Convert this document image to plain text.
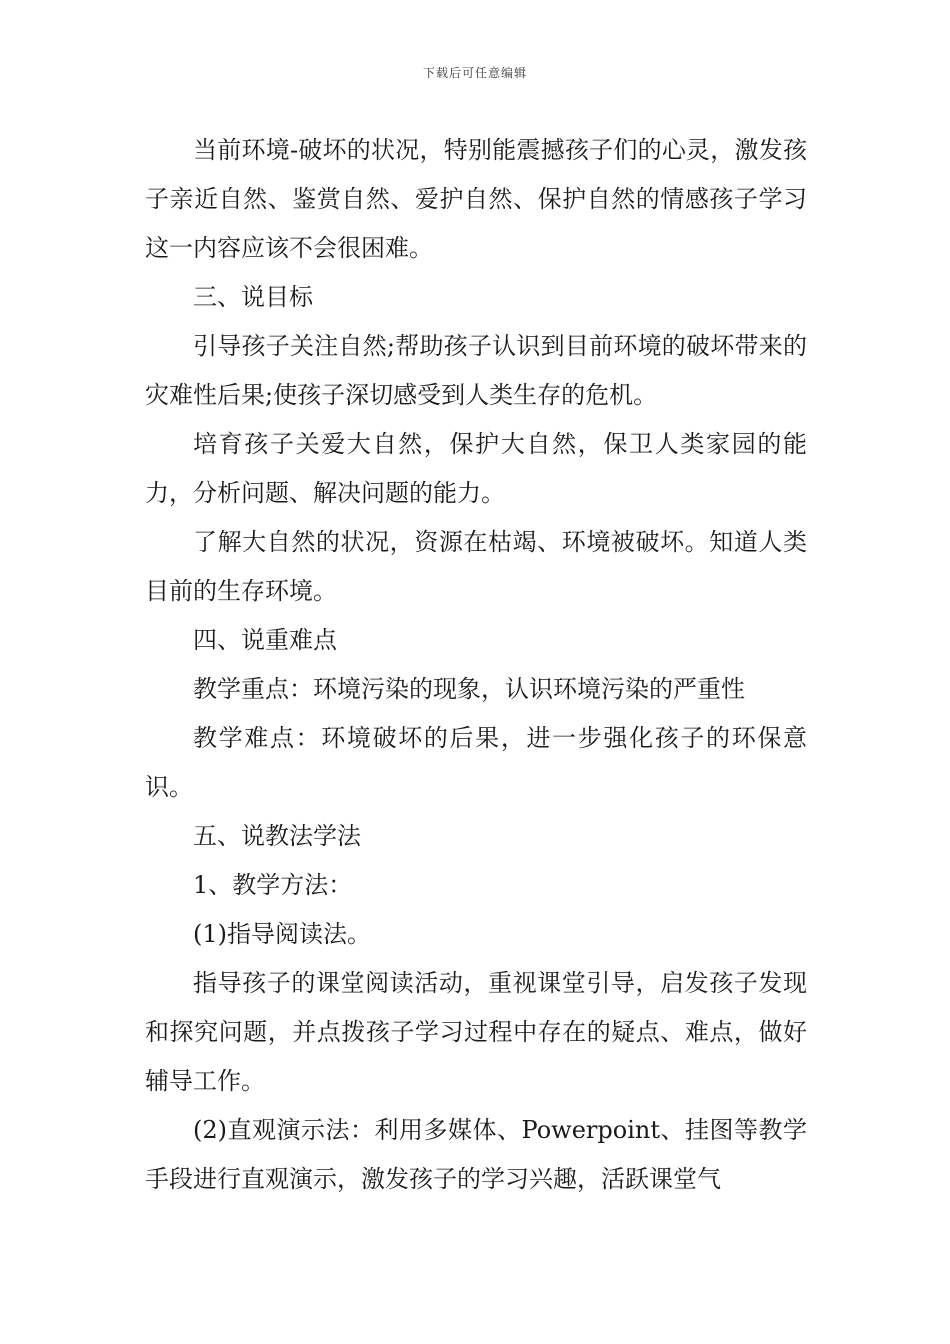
下载后可任意编辑

当前环境-破坏的状况，特别能震撼孩子们的心灵，激发孩子亲近自然、鉴赏自然、爱护自然、保护自然的情感孩子学习这一内容应该不会很困难。

三、说目标

引导孩子关注自然;帮助孩子认识到目前环境的破坏带来的灾难性后果;使孩子深切感受到人类生存的危机。

培育孩子关爱大自然，保护大自然，保卫人类家园的能力，分析问题、解决问题的能力。

了解大自然的状况，资源在枯竭、环境被破坏。知道人类目前的生存环境。

四、说重难点

教学重点：环境污染的现象，认识环境污染的严重性

教学难点：环境破坏的后果，进一步强化孩子的环保意识。

五、说教法学法

1、教学方法：

(1)指导阅读法。

指导孩子的课堂阅读活动，重视课堂引导，启发孩子发现和探究问题，并点拨孩子学习过程中存在的疑点、难点，做好辅导工作。

(2)直观演示法：利用多媒体、Powerpoint、挂图等教学手段进行直观演示，激发孩子的学习兴趣，活跃课堂气
